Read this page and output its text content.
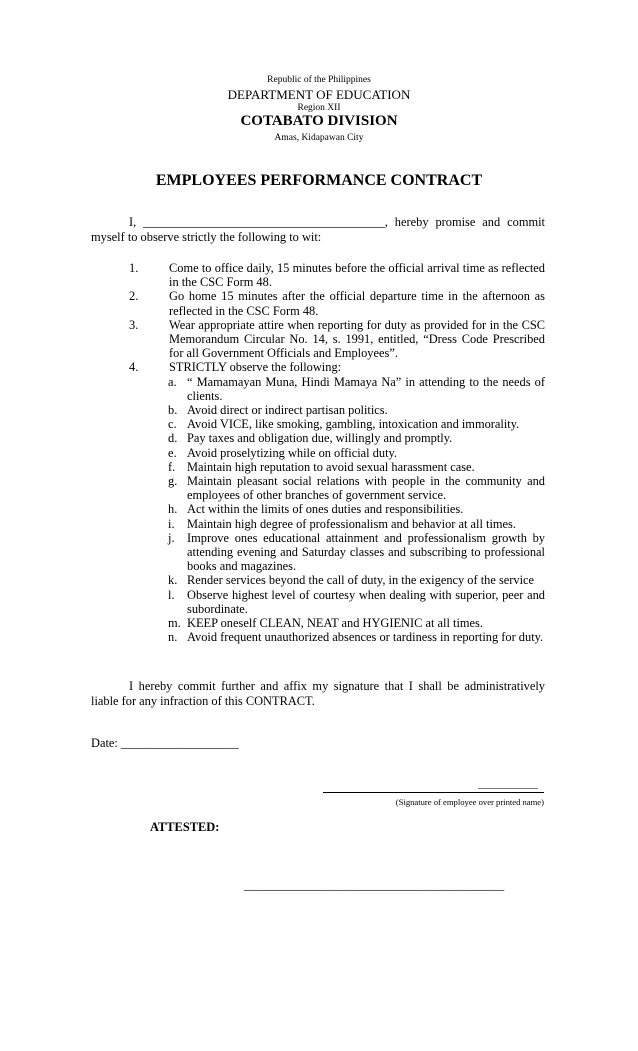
Republic of the Philippines
DEPARTMENT OF EDUCATION
Region XII
COTABATO DIVISION
Amas, Kidapawan City
EMPLOYEES PERFORMANCE CONTRACT
I, _______________________________________, hereby promise and commit
myself to observe strictly the following to wit:
1. Come to office daily, 15 minutes before the official arrival time as reflected in the CSC Form 48.
2. Go home 15 minutes after the official departure time in the afternoon as reflected in the CSC Form 48.
3. Wear appropriate attire when reporting for duty as provided for in the CSC Memorandum Circular No. 14, s. 1991, entitled, “Dress Code Prescribed for all Government Officials and Employees”.
4. STRICTLY observe the following:
a. “ Mamamayan Muna, Hindi Mamaya Na” in attending to the needs of clients.
b. Avoid direct or indirect partisan politics.
c. Avoid VICE, like smoking, gambling, intoxication and immorality.
d. Pay taxes and obligation due, willingly and promptly.
e. Avoid proselytizing while on official duty.
f. Maintain high reputation to avoid sexual harassment case.
g. Maintain pleasant social relations with people in the community and employees of other branches of government service.
h. Act within the limits of ones duties and responsibilities.
i. Maintain high degree of professionalism and behavior at all times.
j. Improve ones educational attainment and professionalism growth by attending evening and Saturday classes and subscribing to professional books and magazines.
k. Render services beyond the call of duty, in the exigency of the service
l. Observe highest level of courtesy when dealing with superior, peer and subordinate.
m. KEEP oneself CLEAN, NEAT and HYGIENIC at all times.
n. Avoid frequent unauthorized absences or tardiness in reporting for duty.
I hereby commit further and affix my signature that I shall be administratively
liable for any infraction of this CONTRACT.
Date: ___________________
____________
(Signature of employee over printed name)
ATTESTED:
__________________________________________
